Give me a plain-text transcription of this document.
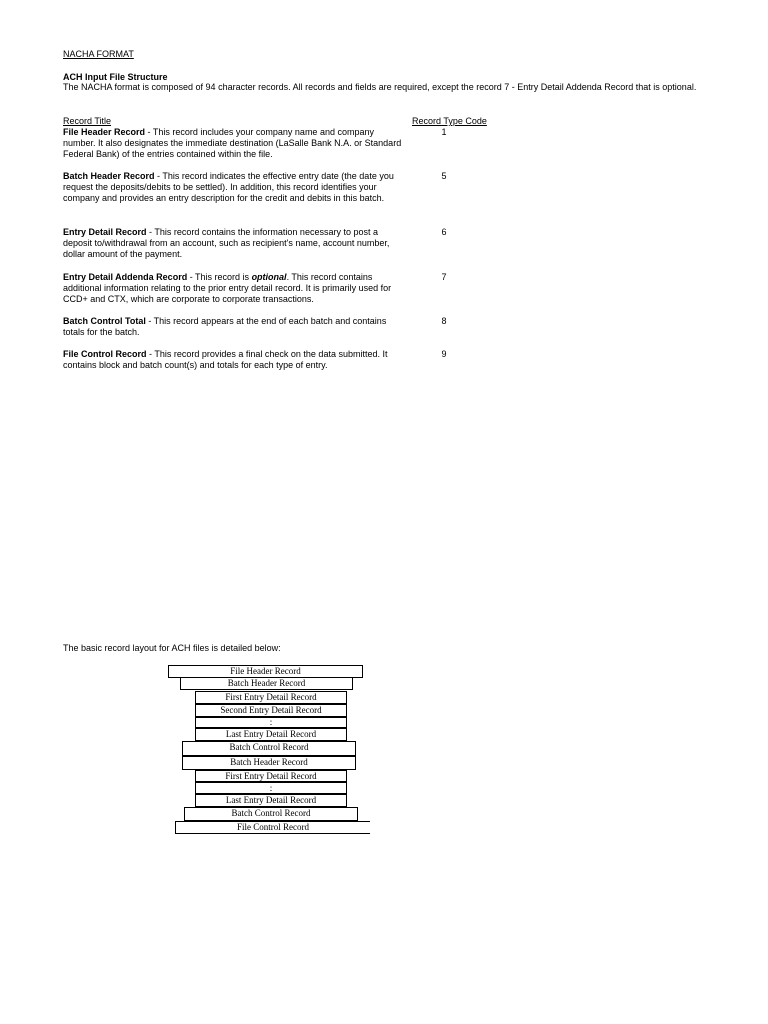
NACHA FORMAT
ACH Input File Structure
The NACHA format is composed of 94 character records. All records and fields are required, except the record 7 - Entry Detail Addenda Record that is optional.
Record Title	Record Type Code
File Header Record - This record includes your company name and company number. It also designates the immediate destination (LaSalle Bank N.A. or Standard Federal Bank) of the entries contained within the file.
1
Batch Header Record - This record indicates the effective entry date (the date you request the deposits/debits to be settled). In addition, this record identifies your company and provides an entry description for the credit and debits in this batch.
5
Entry Detail Record - This record contains the information necessary to post a deposit to/withdrawal from an account, such as recipient's name, account number, dollar amount of the payment.
6
Entry Detail Addenda Record - This record is optional. This record contains additional information relating to the prior entry detail record. It is primarily used for CCD+ and CTX, which are corporate to corporate transactions.
7
Batch Control Total - This record appears at the end of each batch and contains totals for the batch.
8
File Control Record - This record provides a final check on the data submitted. It contains block and batch count(s) and totals for each type of entry.
9
The basic record layout for ACH files is detailed below:
File Header Record
Batch Header Record
First Entry Detail Record
Second Entry Detail Record
:
Last Entry Detail Record
Batch Control Record
Batch Header Record
First Entry Detail Record
:
Last Entry Detail Record
Batch Control Record
File Control Record
